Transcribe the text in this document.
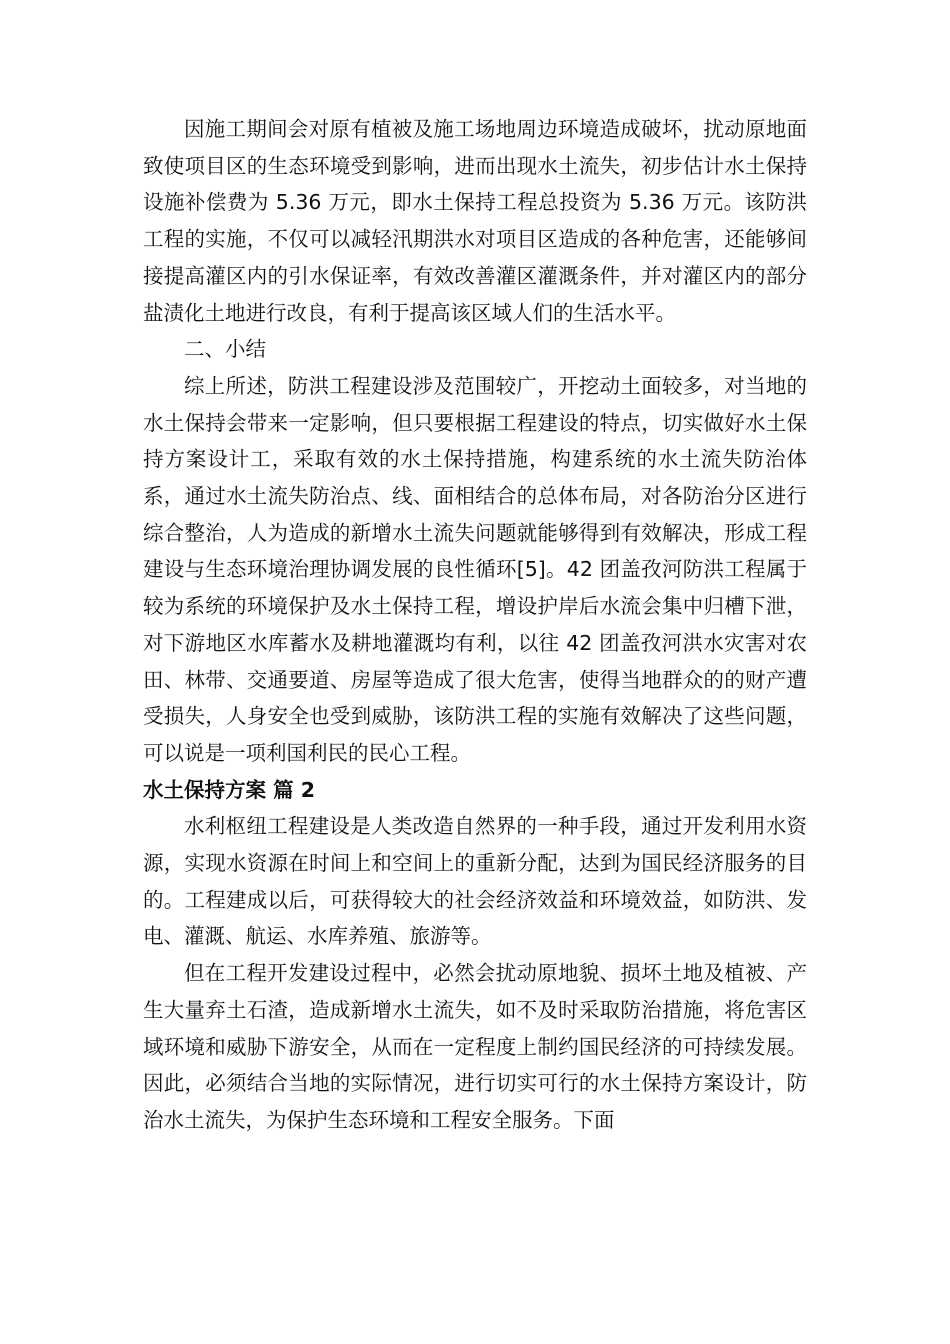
因施工期间会对原有植被及施工场地周边环境造成破坏，扰动原地面致使项目区的生态环境受到影响，进而出现水土流失，初步估计水土保持设施补偿费为 5.36 万元，即水土保持工程总投资为 5.36 万元。该防洪工程的实施，不仅可以减轻汛期洪水对项目区造成的各种危害，还能够间接提高灌区内的引水保证率，有效改善灌区灌溉条件，并对灌区内的部分盐渍化土地进行改良，有利于提高该区域人们的生活水平。

二、小结

综上所述，防洪工程建设涉及范围较广，开挖动土面较多，对当地的水土保持会带来一定影响，但只要根据工程建设的特点，切实做好水土保持方案设计工，采取有效的水土保持措施，构建系统的水土流失防治体系，通过水土流失防治点、线、面相结合的总体布局，对各防治分区进行综合整治，人为造成的新增水土流失问题就能够得到有效解决，形成工程建设与生态环境治理协调发展的良性循环[5]。42 团盖孜河防洪工程属于较为系统的环境保护及水土保持工程，增设护岸后水流会集中归槽下泄，对下游地区水库蓄水及耕地灌溉均有利，以往 42 团盖孜河洪水灾害对农田、林带、交通要道、房屋等造成了很大危害，使得当地群众的的财产遭受损失，人身安全也受到威胁，该防洪工程的实施有效解决了这些问题，可以说是一项利国利民的民心工程。

水土保持方案 篇 2

水利枢纽工程建设是人类改造自然界的一种手段，通过开发利用水资源，实现水资源在时间上和空间上的重新分配，达到为国民经济服务的目的。工程建成以后，可获得较大的社会经济效益和环境效益，如防洪、发电、灌溉、航运、水库养殖、旅游等。

但在工程开发建设过程中，必然会扰动原地貌、损坏土地及植被、产生大量弃土石渣，造成新增水土流失，如不及时采取防治措施，将危害区域环境和威胁下游安全，从而在一定程度上制约国民经济的可持续发展。因此，必须结合当地的实际情况，进行切实可行的水土保持方案设计，防治水土流失，为保护生态环境和工程安全服务。下面
